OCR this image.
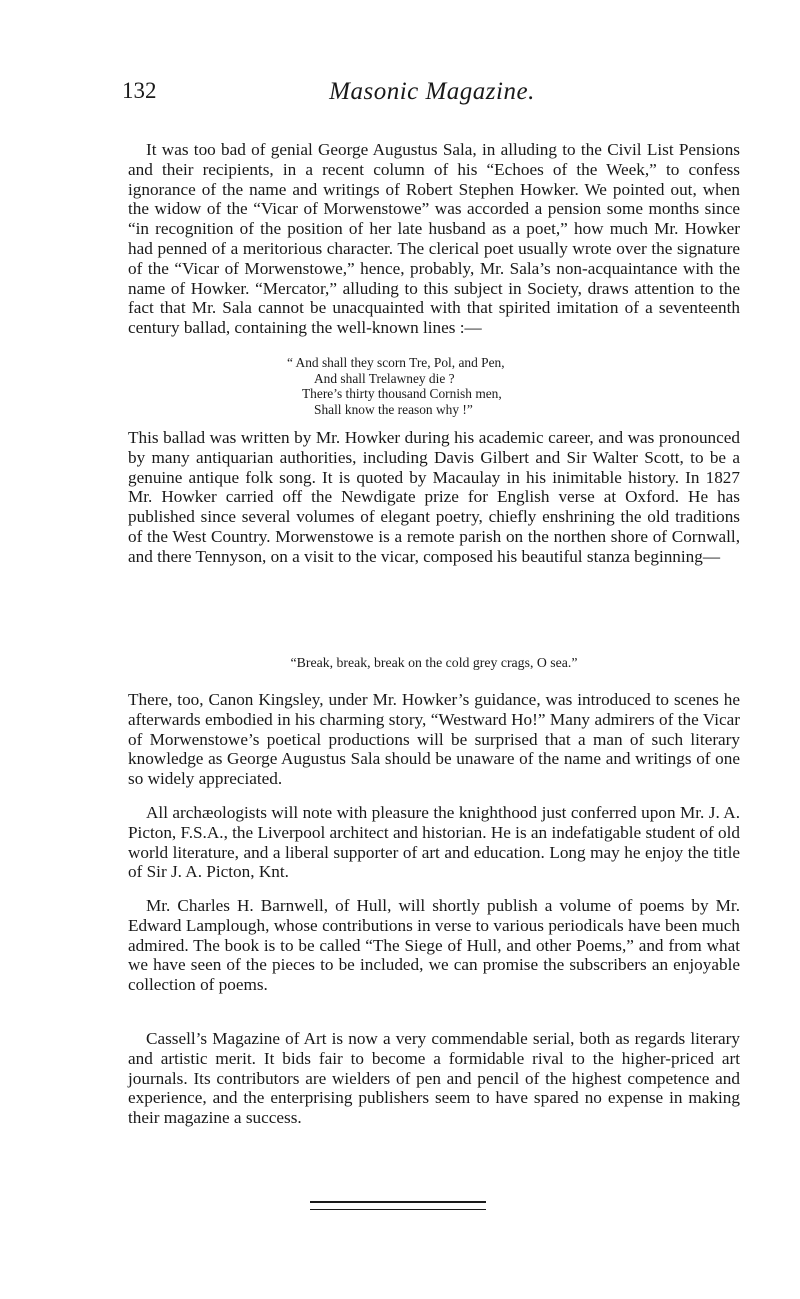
132	Masonic Magazine.

It was too bad of genial George Augustus Sala, in alluding to the Civil List Pensions and their recipients, in a recent column of his “Echoes of the Week,” to confess ignorance of the name and writings of Robert Stephen Howker. We pointed out, when the widow of the “Vicar of Morwenstowe” was accorded a pension some months since “in recognition of the position of her late husband as a poet,” how much Mr. Howker had penned of a meritorious character. The clerical poet usually wrote over the signature of the “Vicar of Morwenstowe,” hence, probably, Mr. Sala’s non-acquaintance with the name of Howker. “Mercator,” alluding to this subject in Society, draws attention to the fact that Mr. Sala cannot be unacquainted with that spirited imitation of a seventeenth century ballad, containing the well-known lines :—

“ And shall they scorn Tre, Pol, and Pen,
And shall Trelawney die ?
There’s thirty thousand Cornish men,
Shall know the reason why !”

This ballad was written by Mr. Howker during his academic career, and was pronounced by many antiquarian authorities, including Davis Gilbert and Sir Walter Scott, to be a genuine antique folk song. It is quoted by Macaulay in his inimitable history. In 1827 Mr. Howker carried off the Newdigate prize for English verse at Oxford. He has published since several volumes of elegant poetry, chiefly enshrining the old traditions of the West Country. Morwenstowe is a remote parish on the northen shore of Cornwall, and there Tennyson, on a visit to the vicar, composed his beautiful stanza beginning—

“Break, break, break on the cold grey crags, O sea.”

There, too, Canon Kingsley, under Mr. Howker’s guidance, was introduced to scenes he afterwards embodied in his charming story, “Westward Ho!” Many admirers of the Vicar of Morwenstowe’s poetical productions will be surprised that a man of such literary knowledge as George Augustus Sala should be unaware of the name and writings of one so widely appreciated.

All archæologists will note with pleasure the knighthood just conferred upon Mr. J. A. Picton, F.S.A., the Liverpool architect and historian. He is an indefatigable student of old world literature, and a liberal supporter of art and education. Long may he enjoy the title of Sir J. A. Picton, Knt.

Mr. Charles H. Barnwell, of Hull, will shortly publish a volume of poems by Mr. Edward Lamplough, whose contributions in verse to various periodicals have been much admired. The book is to be called “The Siege of Hull, and other Poems,” and from what we have seen of the pieces to be included, we can promise the subscribers an enjoyable collection of poems.

Cassell’s Magazine of Art is now a very commendable serial, both as regards literary and artistic merit. It bids fair to become a formidable rival to the higher-priced art journals. Its contributors are wielders of pen and pencil of the highest competence and experience, and the enterprising publishers seem to have spared no expense in making their magazine a success.
